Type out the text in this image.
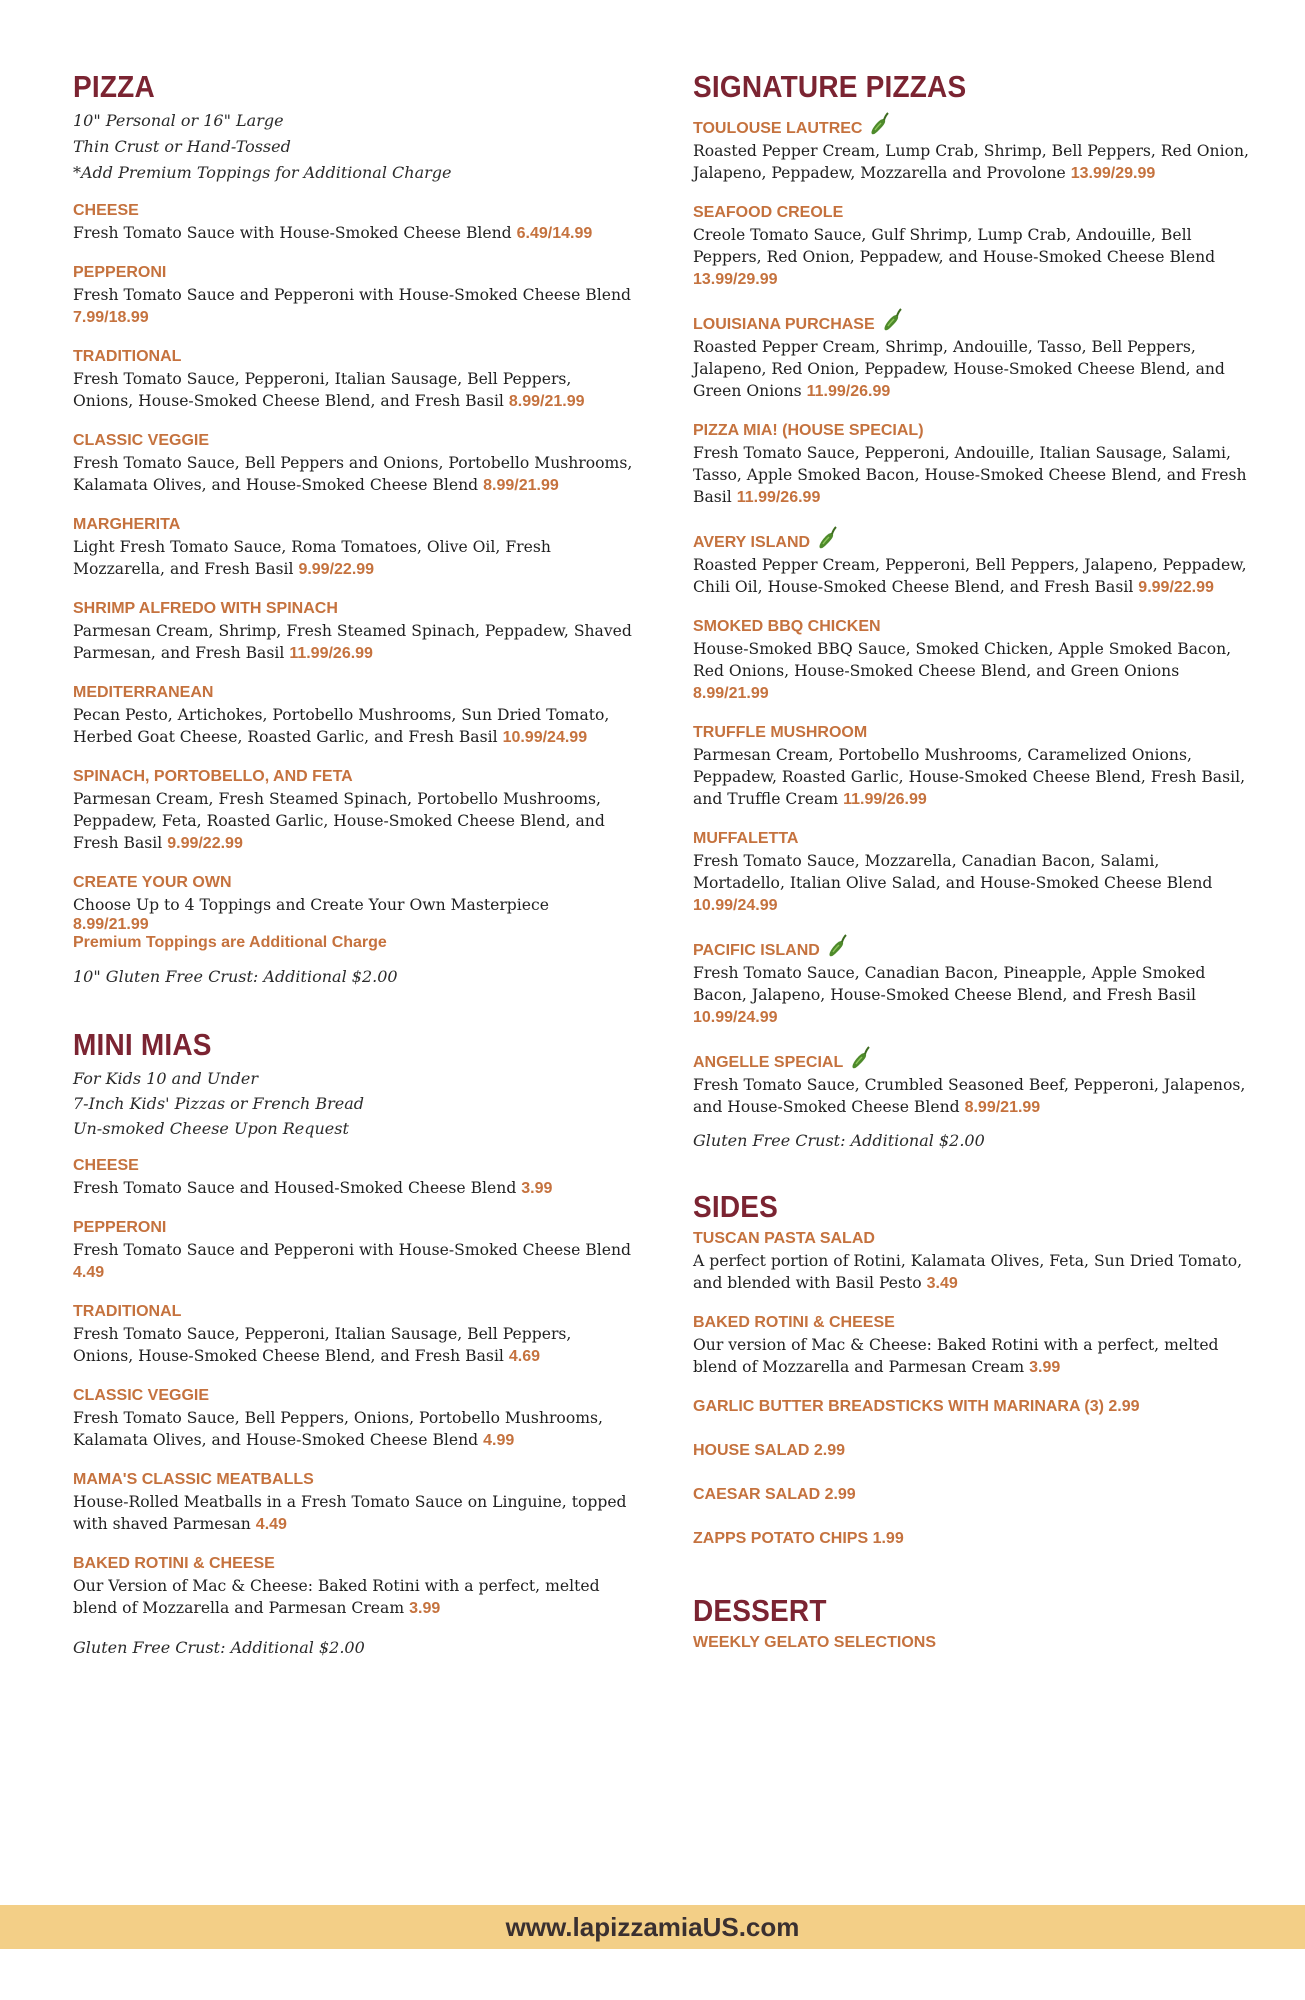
PIZZA
10" Personal or 16" Large
Thin Crust or Hand-Tossed
*Add Premium Toppings for Additional Charge
CHEESE
Fresh Tomato Sauce with House-Smoked Cheese Blend 6.49/14.99
PEPPERONI
Fresh Tomato Sauce and Pepperoni with House-Smoked Cheese Blend 7.99/18.99
TRADITIONAL
Fresh Tomato Sauce, Pepperoni, Italian Sausage, Bell Peppers, Onions, House-Smoked Cheese Blend, and Fresh Basil 8.99/21.99
CLASSIC VEGGIE
Fresh Tomato Sauce, Bell Peppers and Onions, Portobello Mushrooms, Kalamata Olives, and House-Smoked Cheese Blend 8.99/21.99
MARGHERITA
Light Fresh Tomato Sauce, Roma Tomatoes, Olive Oil, Fresh Mozzarella, and Fresh Basil 9.99/22.99
SHRIMP ALFREDO WITH SPINACH
Parmesan Cream, Shrimp, Fresh Steamed Spinach, Peppadew, Shaved Parmesan, and Fresh Basil 11.99/26.99
MEDITERRANEAN
Pecan Pesto, Artichokes, Portobello Mushrooms, Sun Dried Tomato, Herbed Goat Cheese, Roasted Garlic, and Fresh Basil 10.99/24.99
SPINACH, PORTOBELLO, AND FETA
Parmesan Cream, Fresh Steamed Spinach, Portobello Mushrooms, Peppadew, Feta, Roasted Garlic, House-Smoked Cheese Blend, and Fresh Basil 9.99/22.99
CREATE YOUR OWN
Choose Up to 4 Toppings and Create Your Own Masterpiece
8.99/21.99
Premium Toppings are Additional Charge
10" Gluten Free Crust: Additional $2.00
MINI MIAS
For Kids 10 and Under
7-Inch Kids' Pizzas or French Bread
Un-smoked Cheese Upon Request
CHEESE
Fresh Tomato Sauce and Housed-Smoked Cheese Blend 3.99
PEPPERONI
Fresh Tomato Sauce and Pepperoni with House-Smoked Cheese Blend 4.49
TRADITIONAL
Fresh Tomato Sauce, Pepperoni, Italian Sausage, Bell Peppers, Onions, House-Smoked Cheese Blend, and Fresh Basil 4.69
CLASSIC VEGGIE
Fresh Tomato Sauce, Bell Peppers, Onions, Portobello Mushrooms, Kalamata Olives, and House-Smoked Cheese Blend 4.99
MAMA'S CLASSIC MEATBALLS
House-Rolled Meatballs in a Fresh Tomato Sauce on Linguine, topped with shaved Parmesan 4.49
BAKED ROTINI & CHEESE
Our Version of Mac & Cheese: Baked Rotini with a perfect, melted blend of Mozzarella and Parmesan Cream 3.99
Gluten Free Crust: Additional $2.00
SIGNATURE PIZZAS
TOULOUSE LAUTREC
Roasted Pepper Cream, Lump Crab, Shrimp, Bell Peppers, Red Onion, Jalapeno, Peppadew, Mozzarella and Provolone 13.99/29.99
SEAFOOD CREOLE
Creole Tomato Sauce, Gulf Shrimp, Lump Crab, Andouille, Bell Peppers, Red Onion, Peppadew, and House-Smoked Cheese Blend 13.99/29.99
LOUISIANA PURCHASE
Roasted Pepper Cream, Shrimp, Andouille, Tasso, Bell Peppers, Jalapeno, Red Onion, Peppadew, House-Smoked Cheese Blend, and Green Onions 11.99/26.99
PIZZA MIA! (HOUSE SPECIAL)
Fresh Tomato Sauce, Pepperoni, Andouille, Italian Sausage, Salami, Tasso, Apple Smoked Bacon, House-Smoked Cheese Blend, and Fresh Basil 11.99/26.99
AVERY ISLAND
Roasted Pepper Cream, Pepperoni, Bell Peppers, Jalapeno, Peppadew, Chili Oil, House-Smoked Cheese Blend, and Fresh Basil 9.99/22.99
SMOKED BBQ CHICKEN
House-Smoked BBQ Sauce, Smoked Chicken, Apple Smoked Bacon, Red Onions, House-Smoked Cheese Blend, and Green Onions 8.99/21.99
TRUFFLE MUSHROOM
Parmesan Cream, Portobello Mushrooms, Caramelized Onions, Peppadew, Roasted Garlic, House-Smoked Cheese Blend, Fresh Basil, and Truffle Cream 11.99/26.99
MUFFALETTA
Fresh Tomato Sauce, Mozzarella, Canadian Bacon, Salami, Mortadello, Italian Olive Salad, and House-Smoked Cheese Blend 10.99/24.99
PACIFIC ISLAND
Fresh Tomato Sauce, Canadian Bacon, Pineapple, Apple Smoked Bacon, Jalapeno, House-Smoked Cheese Blend, and Fresh Basil 10.99/24.99
ANGELLE SPECIAL
Fresh Tomato Sauce, Crumbled Seasoned Beef, Pepperoni, Jalapenos, and House-Smoked Cheese Blend 8.99/21.99
Gluten Free Crust: Additional $2.00
SIDES
TUSCAN PASTA SALAD
A perfect portion of Rotini, Kalamata Olives, Feta, Sun Dried Tomato, and blended with Basil Pesto 3.49
BAKED ROTINI & CHEESE
Our version of Mac & Cheese: Baked Rotini with a perfect, melted blend of Mozzarella and Parmesan Cream 3.99
GARLIC BUTTER BREADSTICKS WITH MARINARA (3) 2.99
HOUSE SALAD 2.99
CAESAR SALAD 2.99
ZAPPS POTATO CHIPS 1.99
DESSERT
WEEKLY GELATO SELECTIONS
www.lapizzamiaUS.com
